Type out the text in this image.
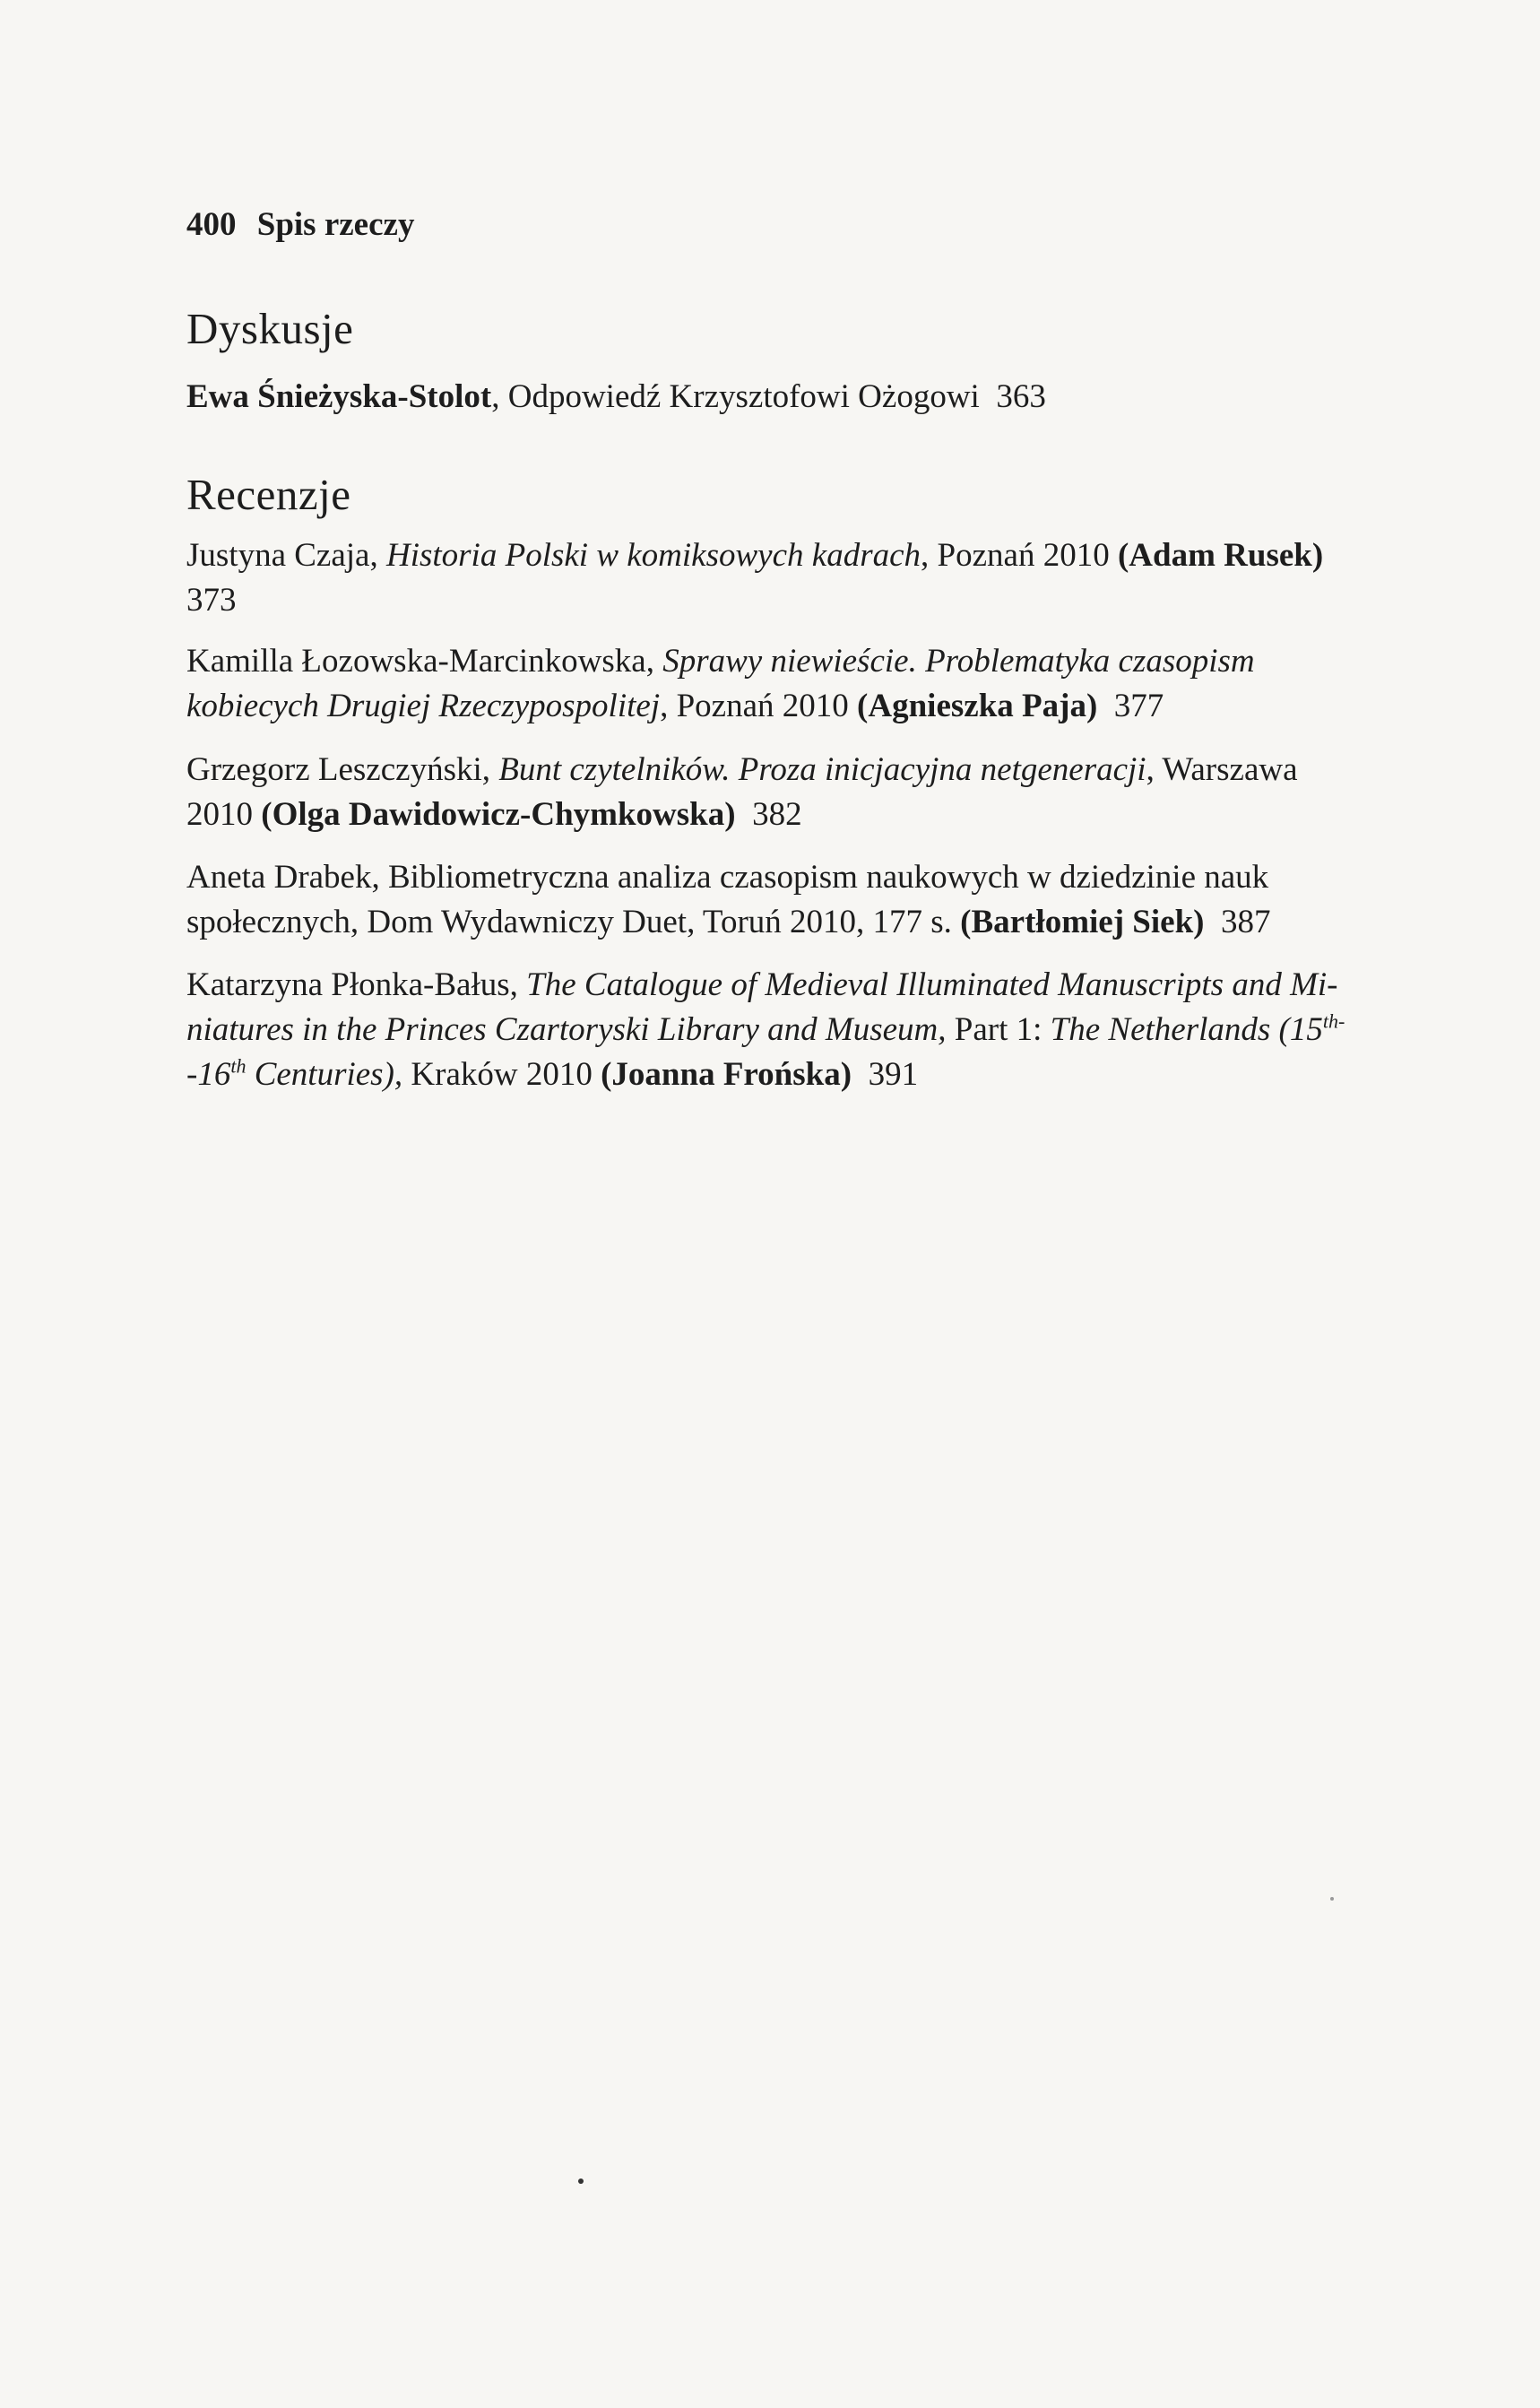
400 Spis rzeczy
Dyskusje
Ewa Śnieżyska-Stolot, Odpowiedź Krzysztofowi Ożogowi 363
Recenzje
Justyna Czaja, Historia Polski w komiksowych kadrach, Poznań 2010 (Adam Rusek)
373
Kamilla Łozowska-Marcinkowska, Sprawy niewieście. Problematyka czasopism
kobiecych Drugiej Rzeczypospolitej, Poznań 2010 (Agnieszka Paja) 377
Grzegorz Leszczyński, Bunt czytelników. Proza inicjacyjna netgeneracji, Warszawa
2010 (Olga Dawidowicz-Chymkowska) 382
Aneta Drabek, Bibliometryczna analiza czasopism naukowych w dziedzinie nauk
społecznych, Dom Wydawniczy Duet, Toruń 2010, 177 s. (Bartłomiej Siek) 387
Katarzyna Płonka-Bałus, The Catalogue of Medieval Illuminated Manuscripts and Mi-
niatures in the Princes Czartoryski Library and Museum, Part 1: The Netherlands ($15^{th-}$
-16th Centuries), Kraków 2010 (Joanna Frońska) 391
